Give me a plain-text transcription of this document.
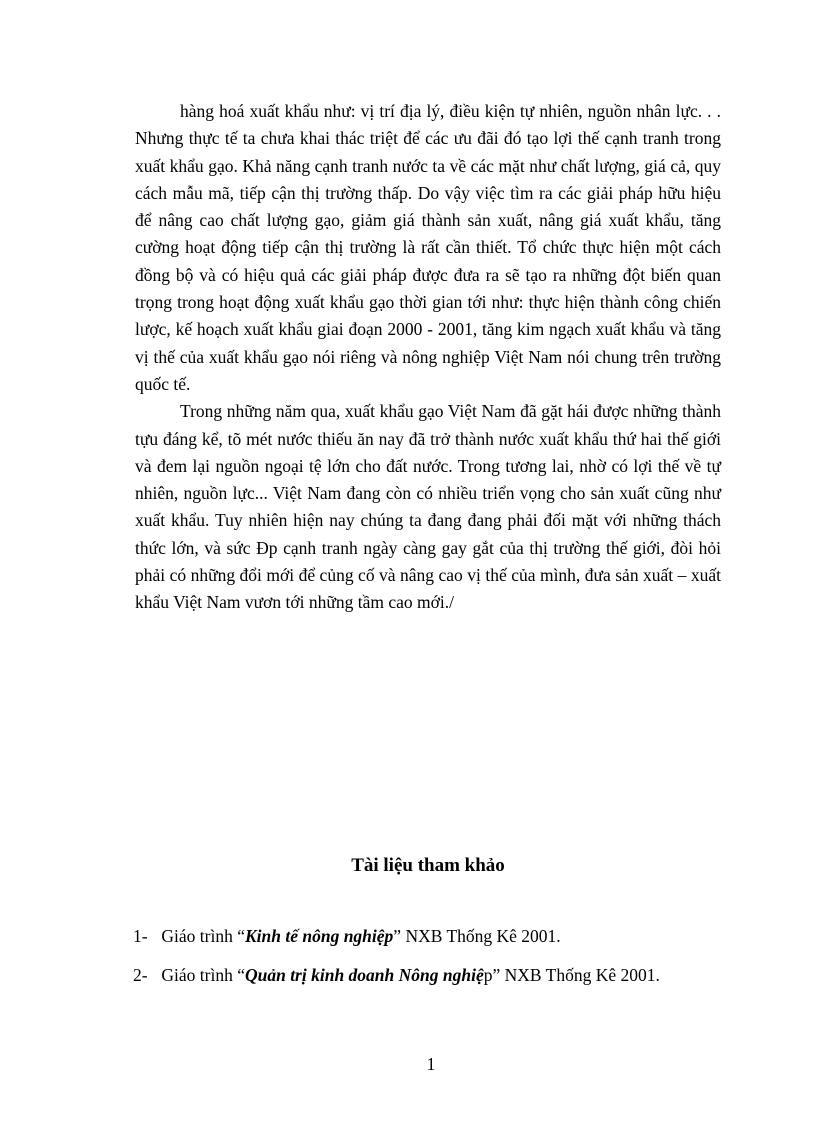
hàng hoá xuất khẩu như: vị trí địa lý, điều kiện tự nhiên, nguồn nhân lực. . . Nhưng thực tế ta chưa khai thác triệt để các ưu đãi đó tạo lợi thế cạnh tranh trong xuất khẩu gạo. Khả năng cạnh tranh nước ta về các mặt như chất lượng, giá cả, quy cách mẫu mã, tiếp cận thị trường thấp. Do vậy việc tìm ra các giải pháp hữu hiệu để nâng cao chất lượng gạo, giảm giá thành sản xuất, nâng giá xuất khẩu, tăng cường hoạt động tiếp cận thị trường là rất cần thiết. Tổ chức thực hiện một cách đồng bộ và có hiệu quả các giải pháp được đưa ra sẽ tạo ra những đột biến quan trọng trong hoạt động xuất khẩu gạo thời gian tới như: thực hiện thành công chiến lược, kế hoạch xuất khẩu giai đoạn 2000 - 2001, tăng kim ngạch xuất khẩu và tăng vị thế của xuất khẩu gạo nói riêng và nông nghiệp Việt Nam nói chung trên trường quốc tế.

Trong những năm qua, xuất khẩu gạo Việt Nam đã gặt hái được những thành tựu đáng kể, tõ mét nước thiếu ăn nay đã trở thành nước xuất khẩu thứ hai thế giới và đem lại nguồn ngoại tệ lớn cho đất nước. Trong tương lai, nhờ có lợi thế về tự nhiên, nguồn lực... Việt Nam đang còn có nhiều triển vọng cho sản xuất cũng như xuất khẩu. Tuy nhiên hiện nay chúng ta đang đang phải đối mặt với những thách thức lớn, và sức Ðp cạnh tranh ngày càng gay gắt của thị trường thế giới, đòi hỏi phải có những đổi mới để củng cố và nâng cao vị thế của mình, đưa sản xuất – xuất khẩu Việt Nam vươn tới những tầm cao mới./

Tài liệu tham khảo
1- Giáo trình “Kinh tế nông nghiệp” NXB Thống Kê 2001.
2- Giáo trình “Quản trị kinh doanh Nông nghiệp” NXB Thống Kê 2001.
1
